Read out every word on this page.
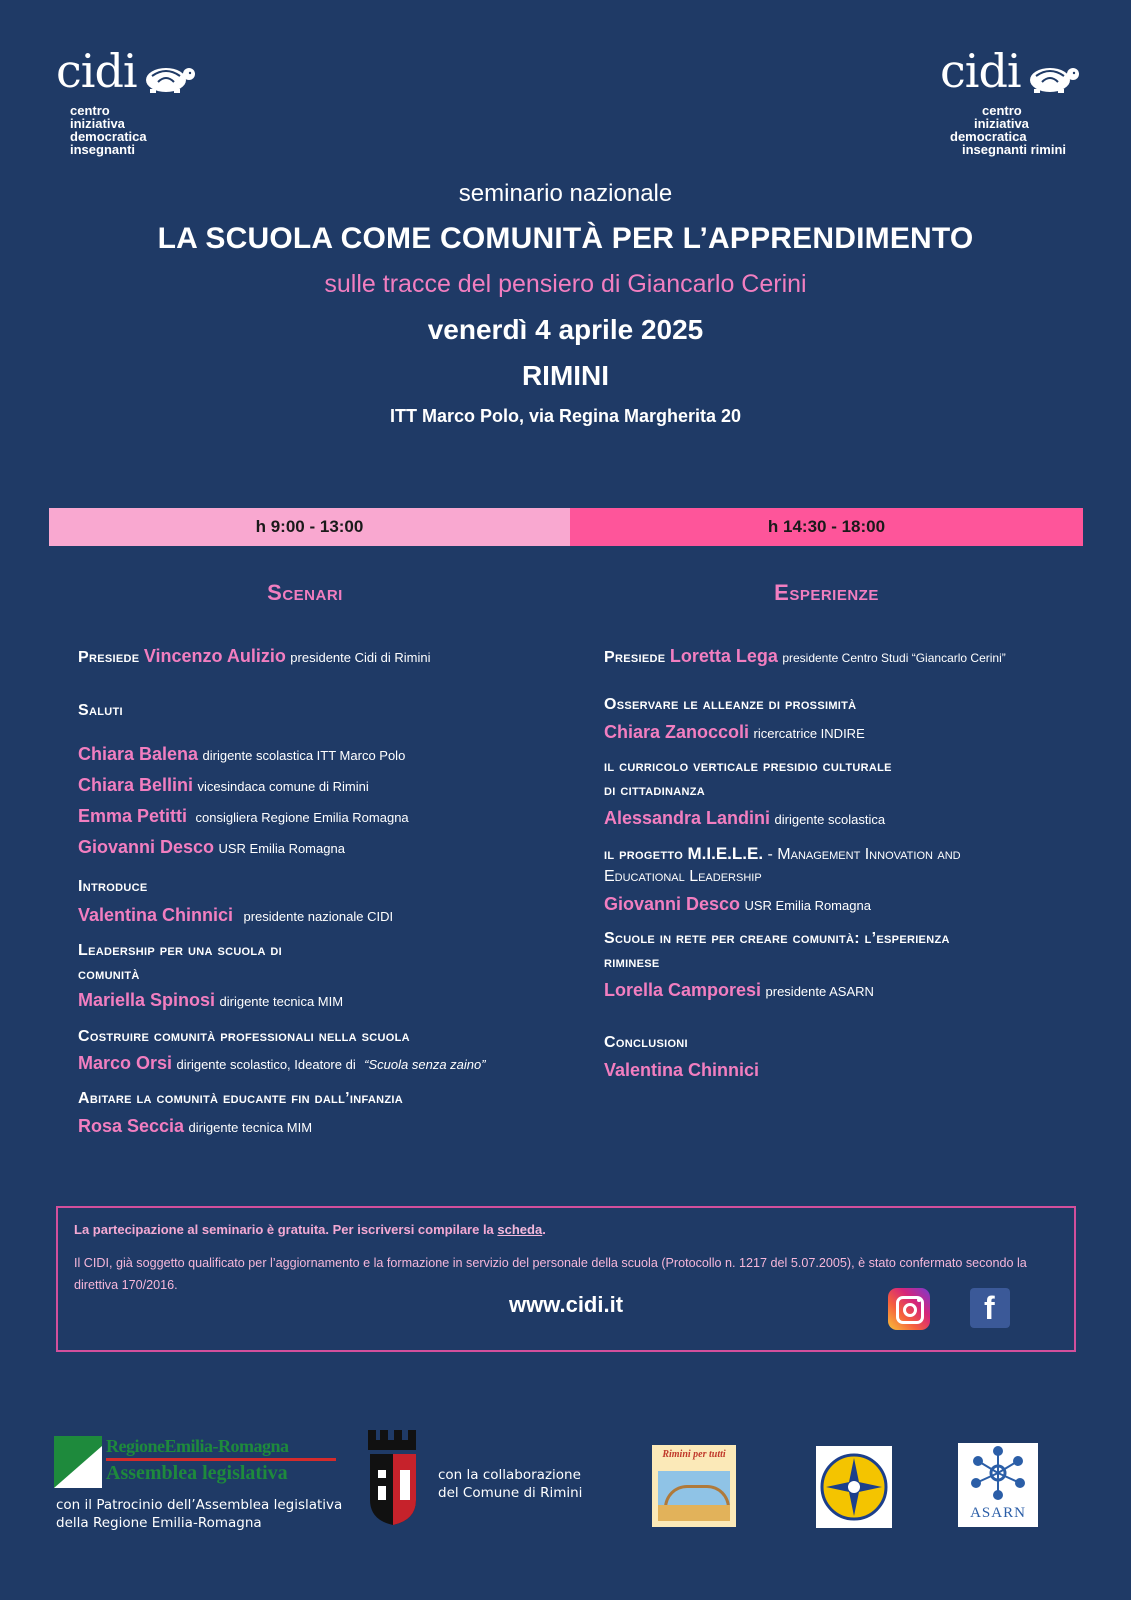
cidi
centro
iniziativa
democratica
insegnanti
cidi
centro
iniziativa
democratica
insegnanti rimini
seminario nazionale
LA SCUOLA COME COMUNITÀ PER L’APPRENDIMENTO
sulle tracce del pensiero di Giancarlo Cerini
venerdì 4 aprile 2025
RIMINI
ITT Marco Polo, via Regina Margherita 20
h 9:00 - 13:00	h 14:30 - 18:00
Scenari
Presiede Vincenzo Aulizio presidente Cidi di Rimini
Saluti
Chiara Balena dirigente scolastica ITT Marco Polo
Chiara Bellini vicesindaca comune di Rimini
Emma Petitti consigliera Regione Emilia Romagna
Giovanni Desco USR Emilia Romagna
Introduce
Valentina Chinnici presidente nazionale CIDI
Leadership per una scuola di
comunità
Mariella Spinosi dirigente tecnica MIM
Costruire comunità professionali nella scuola
Marco Orsi dirigente scolastico, Ideatore di “Scuola senza zaino”
Abitare la comunità educante fin dall’infanzia
Rosa Seccia dirigente tecnica MIM
Esperienze
Presiede Loretta Lega presidente Centro Studi “Giancarlo Cerini”
Osservare le alleanze di prossimità
Chiara Zanoccoli ricercatrice INDIRE
il curricolo verticale presidio culturale
di cittadinanza
Alessandra Landini dirigente scolastica
il progetto M.I.E.L.E. - Management Innovation and
Educational Leadership
Giovanni Desco USR Emilia Romagna
Scuole in rete per creare comunità: l’esperienza
riminese
Lorella Camporesi presidente ASARN
Conclusioni
Valentina Chinnici
La partecipazione al seminario è gratuita. Per iscriversi compilare la scheda.
Il CIDI, già soggetto qualificato per l’aggiornamento e la formazione in servizio del personale della scuola (Protocollo n. 1217 del 5.07.2005), è stato confermato secondo la direttiva 170/2016.
www.cidi.it	f
RegioneEmilia-Romagna
Assemblea legislativa
con il Patrocinio dell’Assemblea legislativa
della Regione Emilia-Romagna
con la collaborazione
del Comune di Rimini
Rimini per tutti
ASARN
